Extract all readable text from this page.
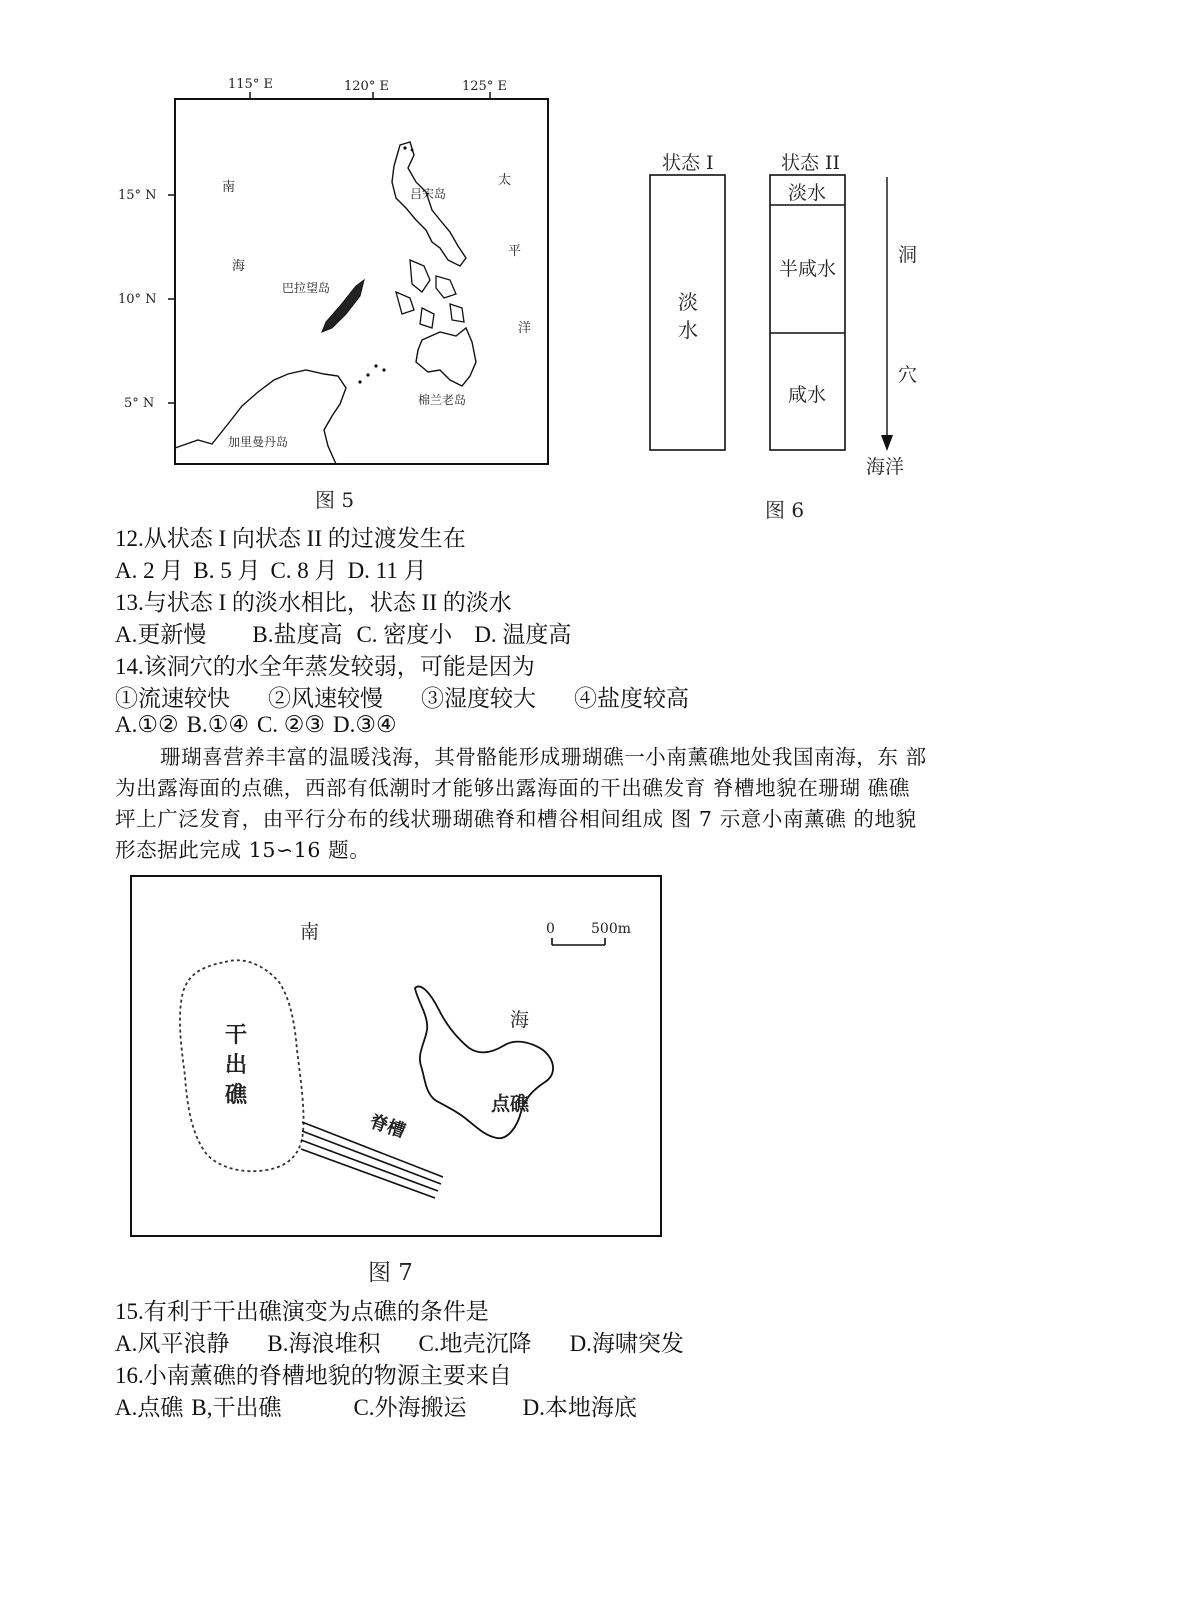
115° E	120° E	125° E
15° N
10° N
5° N
南
海
太
平
洋
吕宋岛
巴拉望岛
棉兰老岛
加里曼丹岛
图 5
状态 I	状态 II
淡
水
淡水
半咸水
咸水
洞
穴
海洋
图 6
12.从状态 I 向状态 II 的过渡发生在
A. 2 月 B. 5 月 C. 8 月 D. 11 月
13.与状态 I 的淡水相比，状态 II 的淡水
A.更新慢 B.盐度高 C. 密度小 D. 温度高
14.该洞穴的水全年蒸发较弱，可能是因为
①流速较快 ②风速较慢 ③湿度较大 ④盐度较高
A.①② B.①④ C. ②③ D.③④
珊瑚喜营养丰富的温暖浅海，其骨骼能形成珊瑚礁一小南薰礁地处我国南海，东 部
为出露海面的点礁，西部有低潮时才能够出露海面的干出礁发育 脊槽地貌在珊瑚 礁礁
坪上广泛发育，由平行分布的线状珊瑚礁脊和槽谷相间组成 图 7 示意小南薰礁 的地貌
形态据此完成 15∽16 题。
0	500m
南
海
干
出
礁
脊槽
点礁
图 7
15.有利于干出礁演变为点礁的条件是
A.风平浪静 B.海浪堆积 C.地壳沉降 D.海啸突发
16.小南薰礁的脊槽地貌的物源主要来自
A.点礁 B,干出礁	C.外海搬运 D.本地海底
